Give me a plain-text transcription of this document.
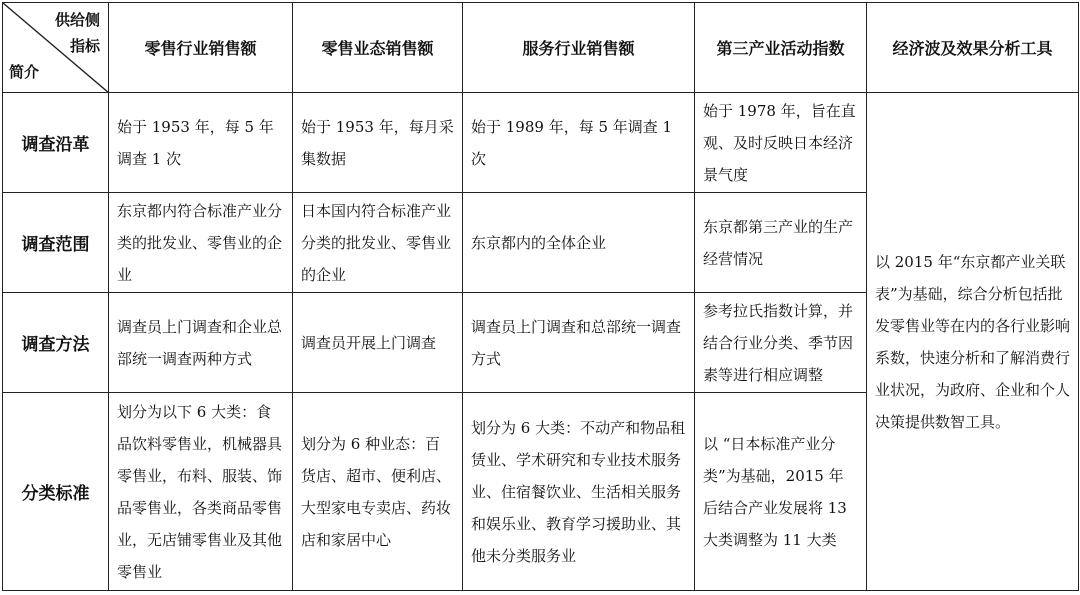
供给侧
指标
简介	零售行业销售额	零售业态销售额	服务行业销售额	第三产业活动指数	经济波及效果分析工具
调查沿革	始于 1953 年，每 5 年调查 1 次	始于 1953 年，每月采集数据	始于 1989 年，每 5 年调查 1 次	始于 1978 年，旨在直观、及时反映日本经济景气度	以 2015 年“东京都产业关联表”为基础，综合分析包括批发零售业等在内的各行业影响系数，快速分析和了解消费行业状况，为政府、企业和个人决策提供数智工具。
调查范围	东京都内符合标准产业分类的批发业、零售业的企业	日本国内符合标准产业分类的批发业、零售业的企业	东京都内的全体企业	东京都第三产业的生产经营情况	
调查方法	调查员上门调查和企业总部统一调查两种方式	调查员开展上门调查	调查员上门调查和总部统一调查方式	参考拉氏指数计算，并结合行业分类、季节因素等进行相应调整	
分类标准	划分为以下 6 大类：食品饮料零售业，机械器具零售业，布料、服装、饰品零售业，各类商品零售业，无店铺零售业及其他零售业	划分为 6 种业态：百货店、超市、便利店、大型家电专卖店、药妆店和家居中心	划分为 6 大类：不动产和物品租赁业、学术研究和专业技术服务业、住宿餐饮业、生活相关服务和娱乐业、教育学习援助业、其他未分类服务业	以 “日本标准产业分类”为基础，2015 年后结合产业发展将 13 大类调整为 11 大类	
